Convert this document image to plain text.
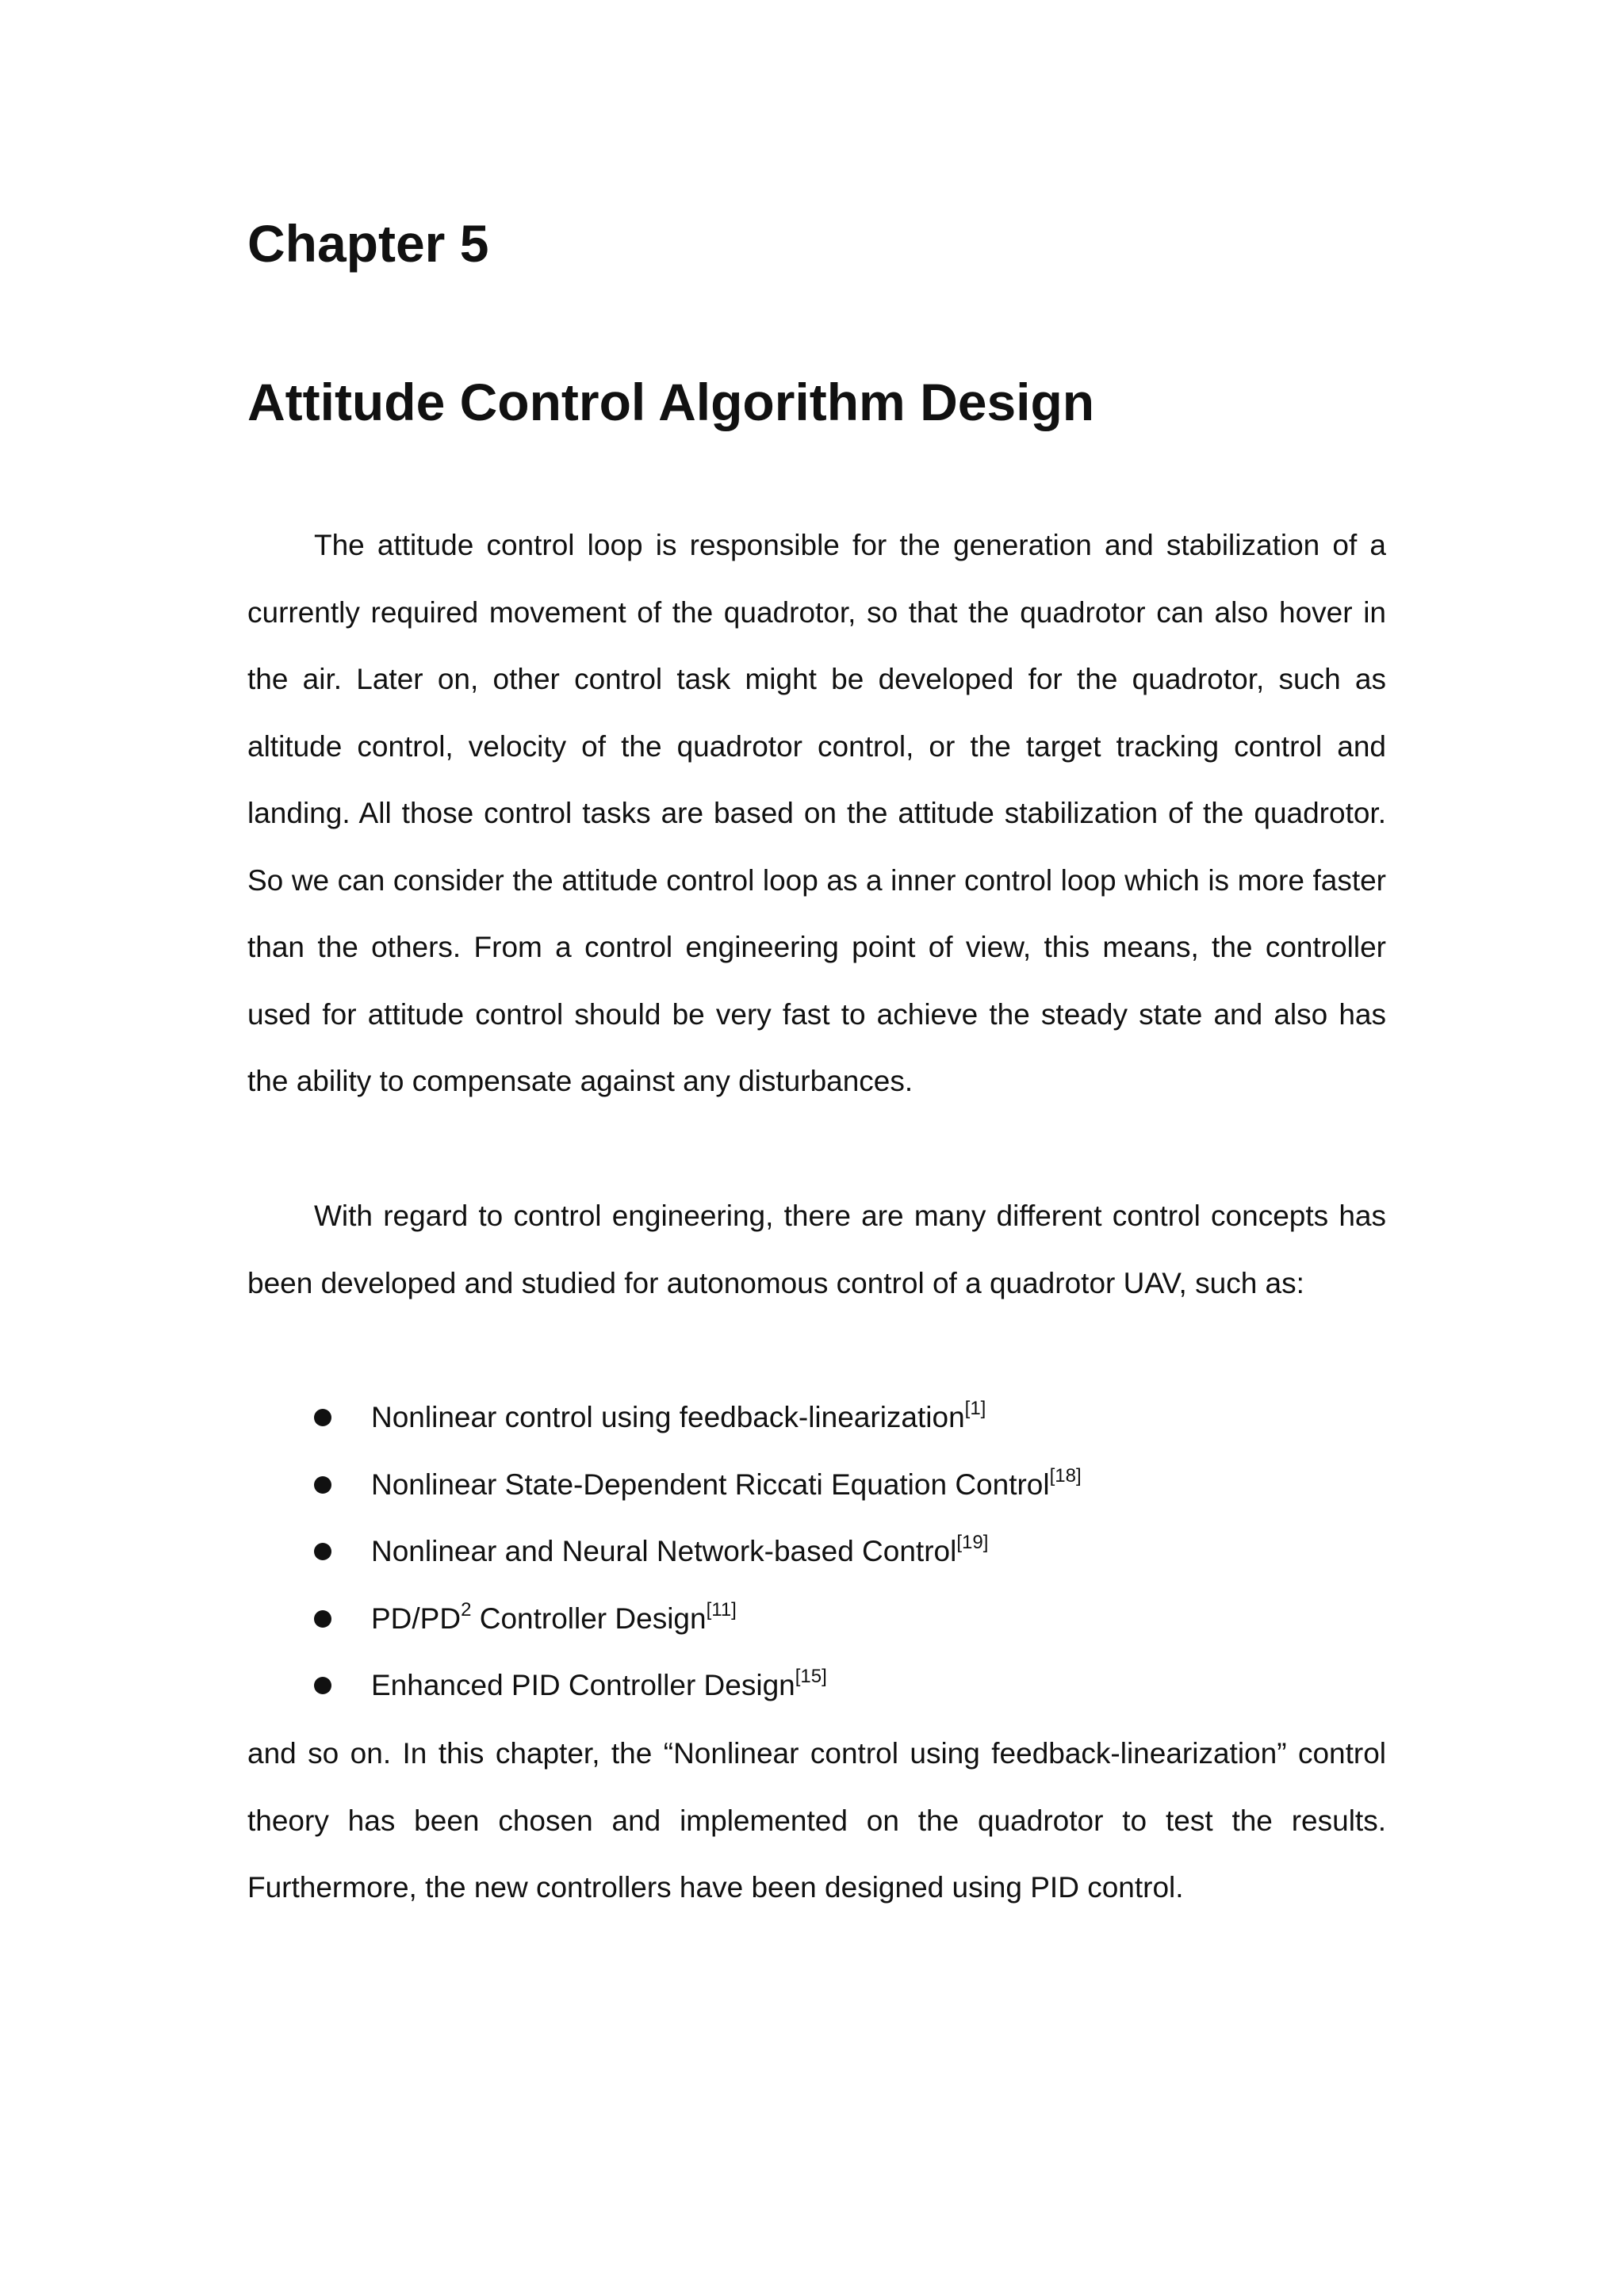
Chapter 5
Attitude Control Algorithm Design

The attitude control loop is responsible for the generation and stabilization of a currently required movement of the quadrotor, so that the quadrotor can also hover in the air. Later on, other control task might be developed for the quadrotor, such as altitude control, velocity of the quadrotor control, or the target tracking control and landing. All those control tasks are based on the attitude stabilization of the quadrotor. So we can consider the attitude control loop as a inner control loop which is more faster than the others. From a control engineering point of view, this means, the controller used for attitude control should be very fast to achieve the steady state and also has the ability to compensate against any disturbances.

With regard to control engineering, there are many different control concepts has been developed and studied for autonomous control of a quadrotor UAV, such as:

Nonlinear control using feedback-linearization[1]
Nonlinear State-Dependent Riccati Equation Control[18]
Nonlinear and Neural Network-based Control[19]
PD/PD$^2$ Controller Design[11]
Enhanced PID Controller Design[15]

and so on. In this chapter, the “Nonlinear control using feedback-linearization” control theory has been chosen and implemented on the quadrotor to test the results. Furthermore, the new controllers have been designed using PID control.
